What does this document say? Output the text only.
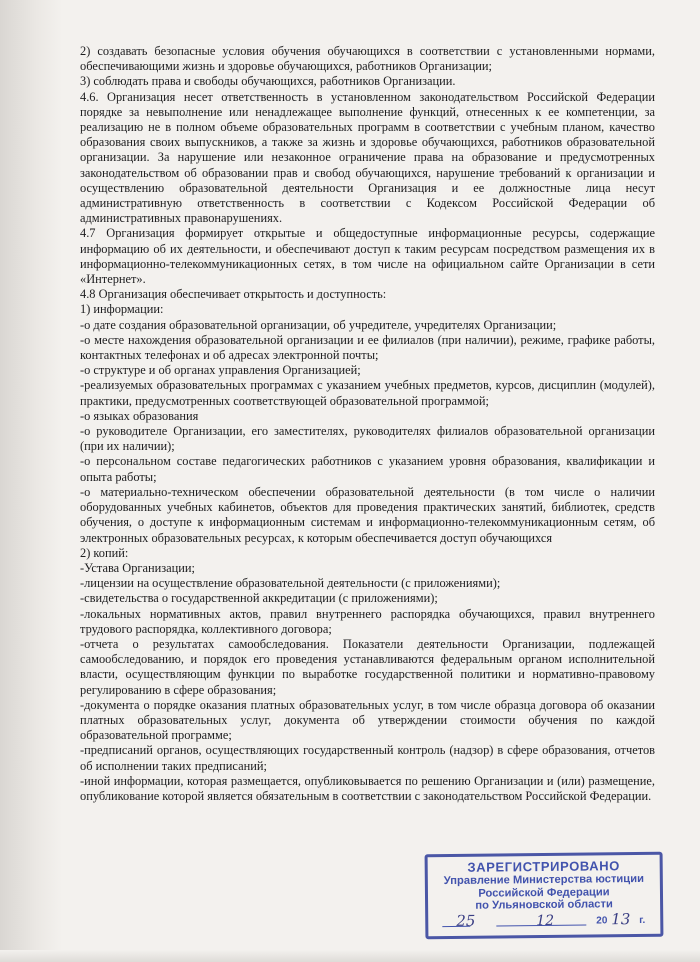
2) создавать безопасные условия обучения обучающихся в соответствии с установленными нормами, обеспечивающими жизнь и здоровье обучающихся, работников Организации;

3) соблюдать права и свободы обучающихся, работников Организации.

4.6. Организация несет ответственность в установленном законодательством Российской Федерации порядке за невыполнение или ненадлежащее выполнение функций, отнесенных к ее компетенции, за реализацию не в полном объеме образовательных программ в соответствии с учебным планом, качество образования своих выпускников, а также за жизнь и здоровье обучающихся, работников образовательной организации. За нарушение или незаконное ограничение права на образование и предусмотренных законодательством об образовании прав и свобод обучающихся, нарушение требований к организации и осуществлению образовательной деятельности Организация и ее должностные лица несут административную ответственность в соответствии с Кодексом Российской Федерации об административных правонарушениях.

4.7 Организация формирует открытые и общедоступные информационные ресурсы, содержащие информацию об их деятельности, и обеспечивают доступ к таким ресурсам посредством размещения их в информационно-телекоммуникационных сетях, в том числе на официальном сайте Организации в сети «Интернет».

4.8 Организация обеспечивает открытость и доступность:

1) информации:

-о дате создания образовательной организации, об учредителе, учредителях Организации;

-о месте нахождения образовательной организации и ее филиалов (при наличии), режиме, графике работы, контактных телефонах и об адресах электронной почты;

-о структуре и об органах управления Организацией;

-реализуемых образовательных программах с указанием учебных предметов, курсов, дисциплин (модулей), практики, предусмотренных соответствующей образовательной программой;

-о языках образования

-о руководителе Организации, его заместителях, руководителях филиалов образовательной организации (при их наличии);

-о персональном составе педагогических работников с указанием уровня образования, квалификации и опыта работы;

-о материально-техническом обеспечении образовательной деятельности (в том числе о наличии оборудованных учебных кабинетов, объектов для проведения практических занятий, библиотек, средств обучения, о доступе к информационным системам и информационно-телекоммуникационным сетям, об электронных образовательных ресурсах, к которым обеспечивается доступ обучающихся

2) копий:

-Устава Организации;

-лицензии на осуществление образовательной деятельности (с приложениями);

-свидетельства о государственной аккредитации (с приложениями);

-локальных нормативных актов, правил внутреннего распорядка обучающихся, правил внутреннего трудового распорядка, коллективного договора;

-отчета о результатах самообследования. Показатели деятельности Организации, подлежащей самообследованию, и порядок его проведения устанавливаются федеральным органом исполнительной власти, осуществляющим функции по выработке государственной политики и нормативно-правовому регулированию в сфере образования;

-документа о порядке оказания платных образовательных услуг, в том числе образца договора об оказании платных образовательных услуг, документа об утверждении стоимости обучения по каждой образовательной программе;

-предписаний органов, осуществляющих государственный контроль (надзор) в сфере образования, отчетов об исполнении таких предписаний;

-иной информации, которая размещается, опубликовывается по решению Организации и (или) размещение, опубликование которой является обязательным в соответствии с законодательством Российской Федерации.

ЗАРЕГИСТРИРОВАНО
Управление Министерства юстиции
Российской Федерации
по Ульяновской области
25	12	20 13 г.
